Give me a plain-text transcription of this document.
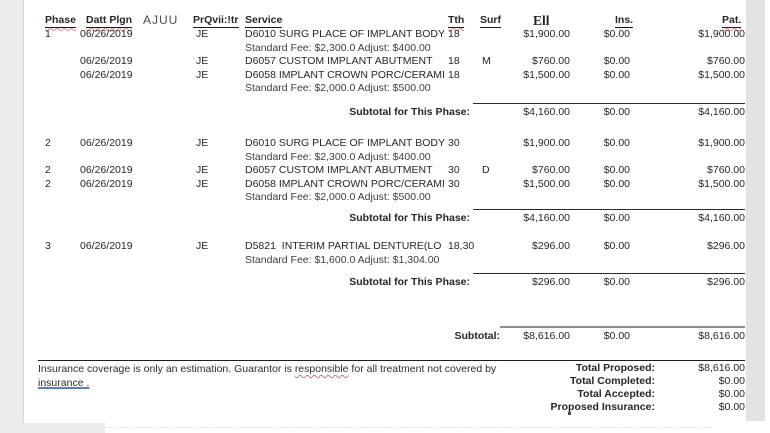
Phase Datt Plgn AJUU PrQvii:!tr Service	Tth Surf Ell	Ins.	Pat.
1	06/26/2019	JE	D6010 SURG PLACE OF IMPLANT BODY 18	$1,900.00	$0.00	$1,900.00
Standard Fee: $2,300.0 Adjust: $400.00
06/26/2019	JE	D6057 CUSTOM IMPLANT ABUTMENT 18 M	$760.00	$0.00	$760.00
06/26/2019	JE	D6058 IMPLANT CROWN PORC/CERAMI 18	$1,500.00	$0.00	$1,500.00
Standard Fee: $2,000.0 Adjust: $500.00
Subtotal for This Phase:	$4,160.00	$0.00	$4,160.00
2	06/26/2019	JE	D6010 SURG PLACE OF IMPLANT BODY 30	$1,900.00	$0.00	$1,900.00
Standard Fee: $2,300.0 Adjust: $400.00
2	06/26/2019	JE	D6057 CUSTOM IMPLANT ABUTMENT 30 D	$760.00	$0.00	$760.00
2	06/26/2019	JE	D6058 IMPLANT CROWN PORC/CERAMI 30	$1,500.00	$0.00	$1,500.00
Standard Fee: $2,000.0 Adjust: $500.00
Subtotal for This Phase:	$4,160.00	$0.00	$4,160.00
3	06/26/2019	JE	D5821  INTERIM PARTIAL DENTURE(LO 18,30	$296.00	$0.00	$296.00
Standard Fee: $1,600.0 Adjust: $1,304.00
Subtotal for This Phase:	$296.00	$0.00	$296.00
Subtotal:	$8,616.00	$0.00	$8,616.00
Insurance coverage is only an estimation. Guarantor is responsible for all treatment not covered by
insurance .
Total Proposed:	$8,616.00
Total Completed:	$0.00
Total Accepted:	$0.00
Proposed Insurance:	$0.00
